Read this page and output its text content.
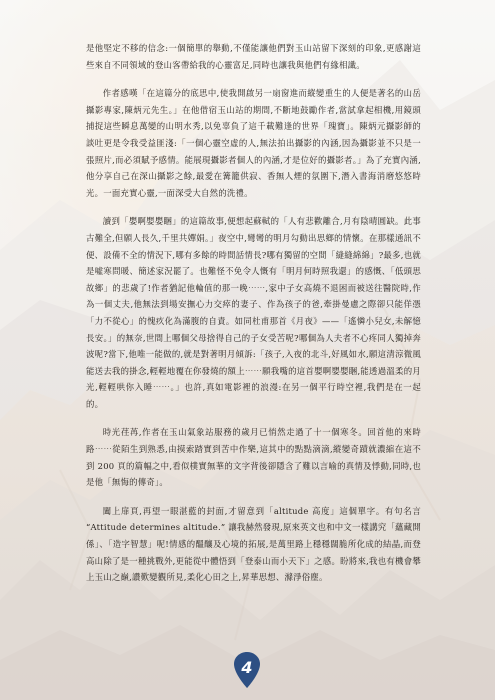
是他堅定不移的信念:一個簡單的舉動,不僅能讓他們對玉山站留下深刻的印象,更感謝這些來自不同領域的登山客帶給我的心靈富足,同時也讓我與他們有緣相識。

作者感嘆「在這篇分的底思中,使我開啟另一扇窗進而縱變重生的人便是著名的山岳攝影專家,陳炳元先生。」在他借宿玉山站的期間,不斷地鼓勵作者,當試拿起相機,用鏡頭捕捉這些瞬息萬變的山明水秀,以免辜負了這千載難逢的世界「瑰寶」。陳炳元攝影師的談吐更是令我受益匪淺:「一個心靈空虛的人,無法拍出攝影的內涵,因為攝影並不只是一張照片,而必須賦予感情。能展現攝影者個人的內涵,才是位好的攝影者。」為了充實內涵,他分享自己在深山攝影之餘,最愛在篝籠供寂、香無人煙的氛圍下,潛入書海消磨悠悠時光。一面充實心靈,一面深受大自然的洗禮。

讀到「嬰啊嬰嬰睏」的這篇故事,便想起蘇軾的「人有悲歡離合,月有陰晴圓缺。此事古難全,但願人長久,千里共嬋娟。」夜空中,彎彎的明月勾動出思鄉的情懷。在那樣通訊不便、設備不全的情況下,哪有多餘的時間話情長?哪有獨留的空間「縫縫綿綿」?最多,也就是噓寒問暖、簡述家況罷了。也難怪不免令人慨有「明月何時照我還」的感慨、「低頭思故鄉」的悲歲了!作者猶記他輪值的那一晚⋯⋯,家中子女高燒不退困而被送往醫院時,作為一個丈夫,他無法到場安撫心力交瘁的妻子、作為孩子的爸,牽掛曼慮之際卻只能佯憑「力不從心」的愧疚化為滿腹的自責。如同杜甫那首《月夜》——「遙憐小兒女,未解憶長安。」的無奈,世間上哪個父母捨得自己的子女受苦呢?哪個為人夫者不心疼同人獨掉奔波呢?當下,他唯一能做的,就是對著明月傾訴:「孩子,入夜的北斗,好風如水,願這清涼微風能送去我的掛念,輕輕地覆在你發燒的額上⋯⋯願我嘴的這首嬰啊嬰嬰睏,能透過溫柔的月光,輕輕哄你入睡⋯⋯。」也許,真如電影裡的浪漫:在另一個平行時空裡,我們是在一起的。

時光荏苒,作者在玉山氣象站服務的歲月已悄然走過了十一個寒冬。回首他的來時路⋯⋯從陌生到熟悉,由摸索踏實到苦中作樂,這其中的點點滴滴,縱變奇蹟就濃縮在這不到 200 頁的篇幅之中,看似樸實無華的文字背後卻隱含了難以言喻的真情及悸動,同時,也是他「無悔的傳奇」。

闔上扉頁,再望一眼湛藍的封面,才留意到「altitude 高度」這個單字。有句名言 “Attitude determines altitude.” 讓我赫然發現,原來英文也和中文一樣講究「蘊藏開係」、「造字智慧」呢!情感的醞釀及心境的拓展,是萬里路上穩穩闊脆所化成的結晶,而登高山除了是一種挑戰外,更能從中體悟到「登泰山而小天下」之感。盼將來,我也有機會攀上玉山之巔,讚歎變觀所見,柔化心田之上,昇華思想、滌淨俗塵。

4
